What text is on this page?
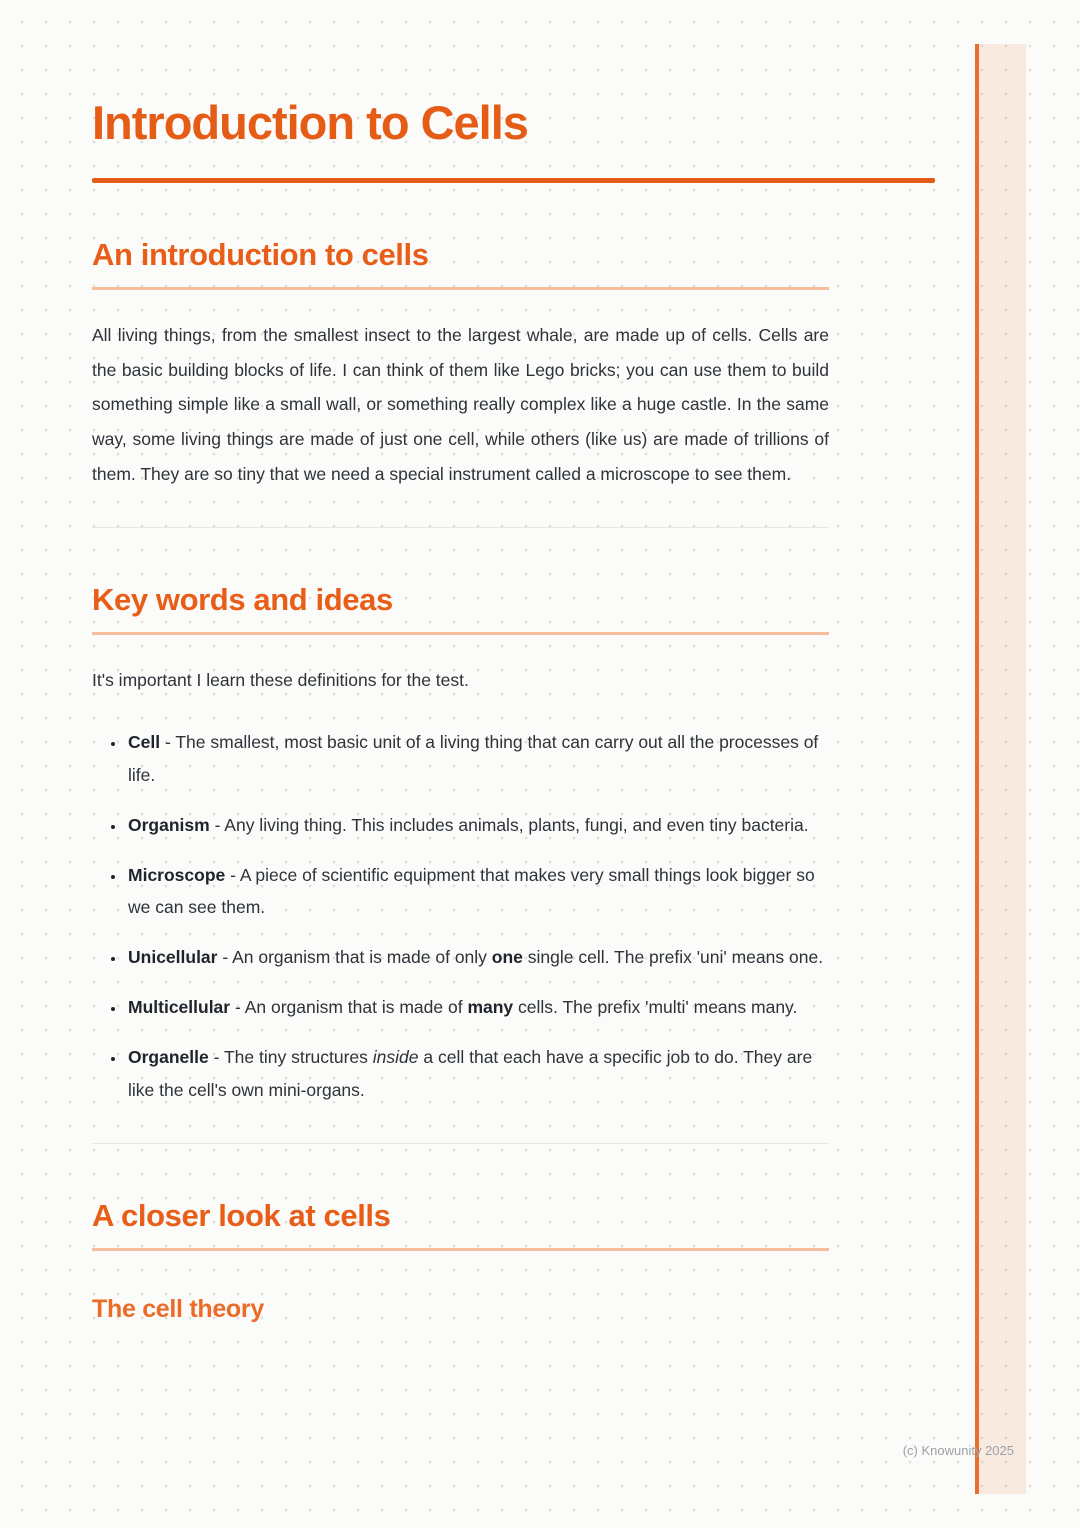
Introduction to Cells
An introduction to cells

All living things, from the smallest insect to the largest whale, are made up of cells. Cells are the basic building blocks of life. I can think of them like Lego bricks; you can use them to build something simple like a small wall, or something really complex like a huge castle. In the same way, some living things are made of just one cell, while others (like us) are made of trillions of them. They are so tiny that we need a special instrument called a microscope to see them.

Key words and ideas

It's important I learn these definitions for the test.

• Cell - The smallest, most basic unit of a living thing that can carry out all the processes of life.
• Organism - Any living thing. This includes animals, plants, fungi, and even tiny bacteria.
• Microscope - A piece of scientific equipment that makes very small things look bigger so we can see them.
• Unicellular - An organism that is made of only one single cell. The prefix 'uni' means one.
• Multicellular - An organism that is made of many cells. The prefix 'multi' means many.
• Organelle - The tiny structures inside a cell that each have a specific job to do. They are like the cell's own mini-organs.
A closer look at cells
The cell theory
(c) Knowunity 2025
